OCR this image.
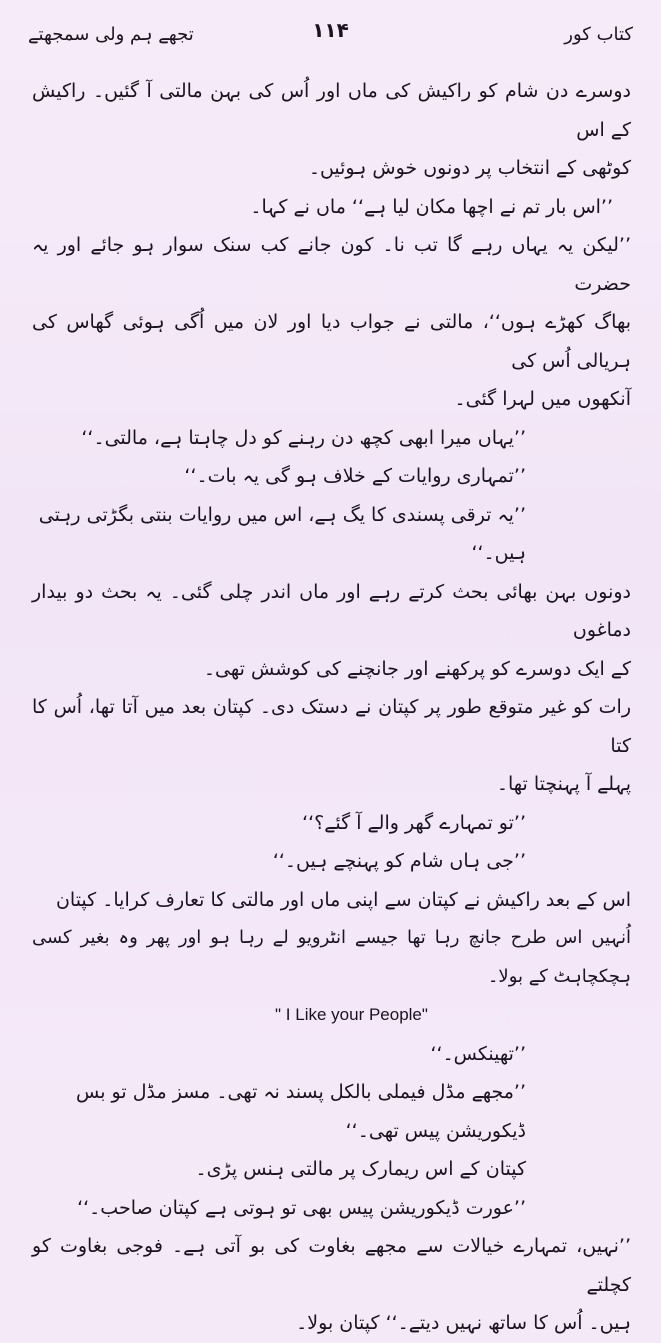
کتاب کور
۱۱۴
تجھے ہم ولی سمجھتے

دوسرے دن شام کو راکیش کی ماں اور اُس کی بہن مالتی آ گئیں۔ راکیش کے اس

کوٹھی کے انتخاب پر دونوں خوش ہوئیں۔

’’اس بار تم نے اچھا مکان لیا ہے‘‘ ماں نے کہا۔

’’لیکن یہ یہاں رہے گا تب نا۔ کون جانے کب سنک سوار ہو جائے اور یہ حضرت

بھاگ کھڑے ہوں‘‘، مالتی نے جواب دیا اور لان میں اُگی ہوئی گھاس کی ہریالی اُس کی

آنکھوں میں لہرا گئی۔

’’یہاں میرا ابھی کچھ دن رہنے کو دل چاہتا ہے، مالتی۔‘‘

’’تمہاری روایات کے خلاف ہو گی یہ بات۔‘‘

’’یہ ترقی پسندی کا یگ ہے، اس میں روایات بنتی بگڑتی رہتی ہیں۔‘‘

دونوں بہن بھائی بحث کرتے رہے اور ماں اندر چلی گئی۔ یہ بحث دو بیدار دماغوں

کے ایک دوسرے کو پرکھنے اور جانچنے کی کوشش تھی۔

رات کو غیر متوقع طور پر کپتان نے دستک دی۔ کپتان بعد میں آتا تھا، اُس کا کتا

پہلے آ پہنچتا تھا۔

’’تو تمہارے گھر والے آ گئے؟‘‘

’’جی ہاں شام کو پہنچے ہیں۔‘‘

اس کے بعد راکیش نے کپتان سے اپنی ماں اور مالتی کا تعارف کرایا۔ کپتان

اُنہیں اس طرح جانچ رہا تھا جیسے انٹرویو لے رہا ہو اور پھر وہ بغیر کسی ہچکچاہٹ کے بولا۔

" I Like your People"

’’تھینکس۔‘‘

’’مجھے مڈل فیملی بالکل پسند نہ تھی۔ مسز مڈل تو بس ڈیکوریشن پیس تھی۔‘‘

کپتان کے اس ریمارک پر مالتی ہنس پڑی۔

’’عورت ڈیکوریشن پیس بھی تو ہوتی ہے کپتان صاحب۔‘‘

’’نہیں، تمہارے خیالات سے مجھے بغاوت کی بو آتی ہے۔ فوجی بغاوت کو کچلتے

ہیں۔ اُس کا ساتھ نہیں دیتے۔‘‘ کپتان بولا۔
